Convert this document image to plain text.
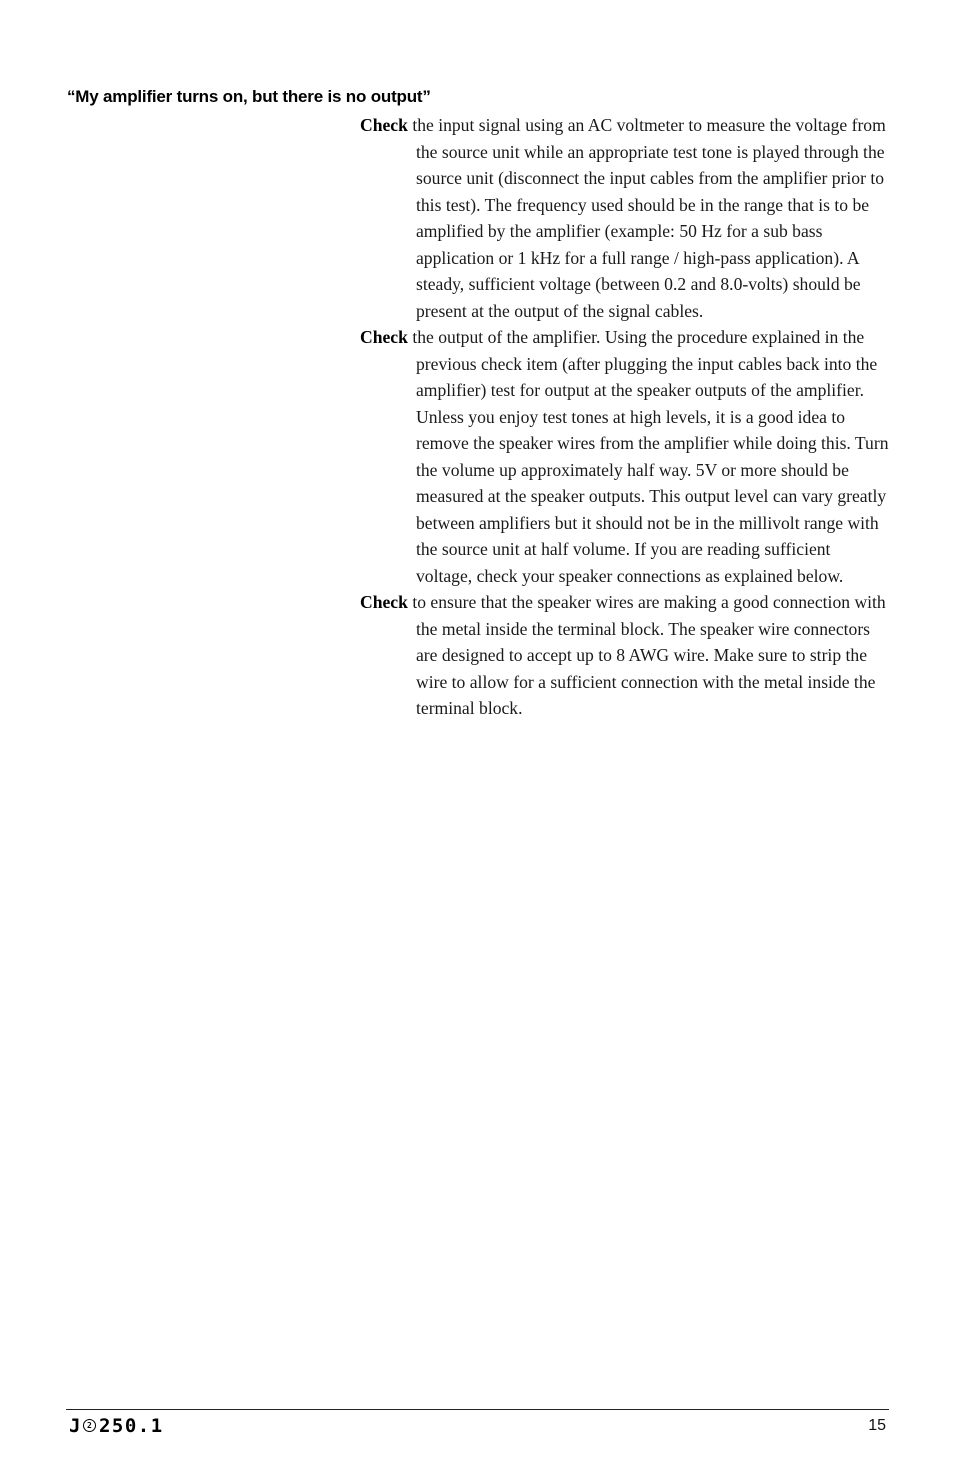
“My amplifier turns on, but there is no output”

Check the input signal using an AC voltmeter to measure the voltage from the source unit while an appropriate test tone is played through the source unit (disconnect the input cables from the amplifier prior to this test). The frequency used should be in the range that is to be amplified by the amplifier (example: 50 Hz for a sub bass application or 1 kHz for a full range / high-pass application). A steady, sufficient voltage (between 0.2 and 8.0-volts) should be present at the output of the signal cables.

Check the output of the amplifier. Using the procedure explained in the previous check item (after plugging the input cables back into the amplifier) test for output at the speaker outputs of the amplifier. Unless you enjoy test tones at high levels, it is a good idea to remove the speaker wires from the amplifier while doing this. Turn the volume up approximately half way. 5V or more should be measured at the speaker outputs. This output level can vary greatly between amplifiers but it should not be in the millivolt range with the source unit at half volume. If you are reading sufficient voltage, check your speaker connections as explained below.

Check to ensure that the speaker wires are making a good connection with the metal inside the terminal block. The speaker wire connectors are designed to accept up to 8 AWG wire. Make sure to strip the wire to allow for a sufficient connection with the metal inside the terminal block.

J 2 250.1	15
